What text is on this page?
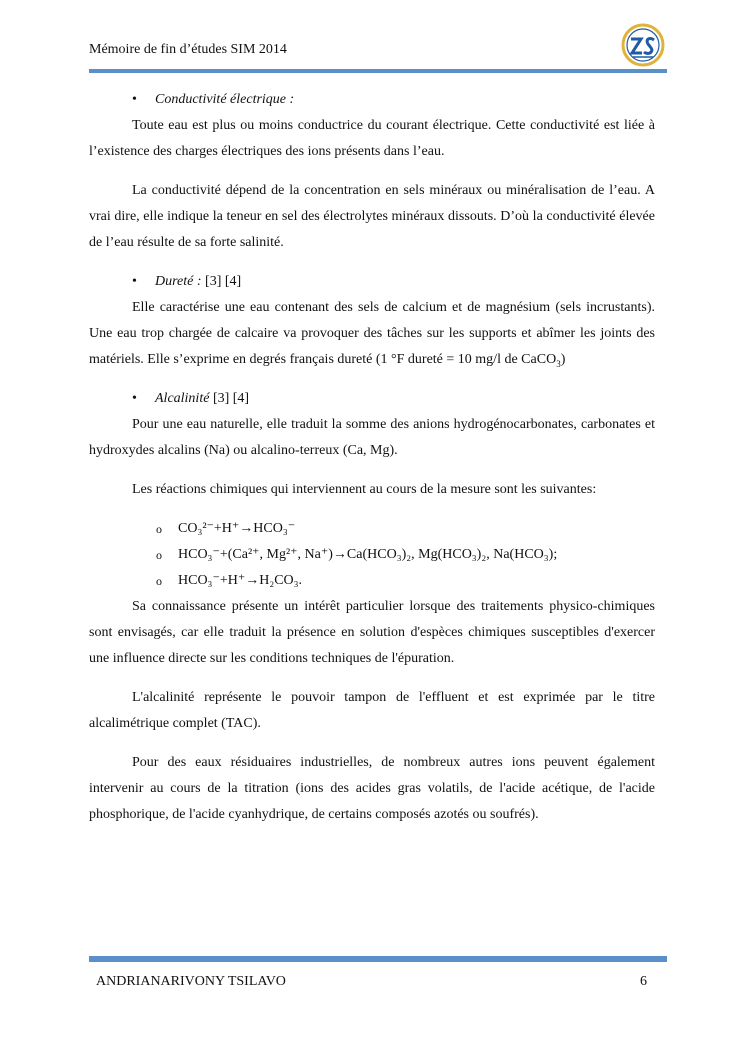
Mémoire de fin d’études SIM 2014

• Conductivité électrique :

Toute eau est plus ou moins conductrice du courant électrique. Cette conductivité est liée à l’existence des charges électriques des ions présents dans l’eau.

La conductivité dépend de la concentration en sels minéraux ou minéralisation de l’eau. A vrai dire, elle indique la teneur en sel des électrolytes minéraux dissouts. D’où la conductivité élevée de l’eau résulte de sa forte salinité.

• Dureté : [3] [4]

Elle caractérise une eau contenant des sels de calcium et de magnésium (sels incrustants). Une eau trop chargée de calcaire va provoquer des tâches sur les supports et abîmer les joints des matériels. Elle s’exprime en degrés français dureté (1 °F dureté = 10 mg/l de CaCO$_3$)

• Alcalinité [3] [4]

Pour une eau naturelle, elle traduit la somme des anions hydrogénocarbonates, carbonates et hydroxydes alcalins (Na) ou alcalino-terreux (Ca, Mg).

Les réactions chimiques qui interviennent au cours de la mesure sont les suivantes:

o CO₃²⁻+H⁺→HCO₃⁻

o HCO₃⁻+(Ca²⁺, Mg²⁺, Na⁺)→Ca(HCO₃)₂, Mg(HCO₃)₂, Na(HCO₃);

o HCO₃⁻+H⁺→H₂CO₃.

Sa connaissance présente un intérêt particulier lorsque des traitements physico-chimiques sont envisagés, car elle traduit la présence en solution d'espèces chimiques susceptibles d'exercer une influence directe sur les conditions techniques de l'épuration.

L'alcalinité représente le pouvoir tampon de l'effluent et est exprimée par le titre alcalimétrique complet (TAC).

Pour des eaux résiduaires industrielles, de nombreux autres ions peuvent également intervenir au cours de la titration (ions des acides gras volatils, de l'acide acétique, de l'acide phosphorique, de l'acide cyanhydrique, de certains composés azotés ou soufrés).

ANDRIANARIVONY TSILAVO	6
